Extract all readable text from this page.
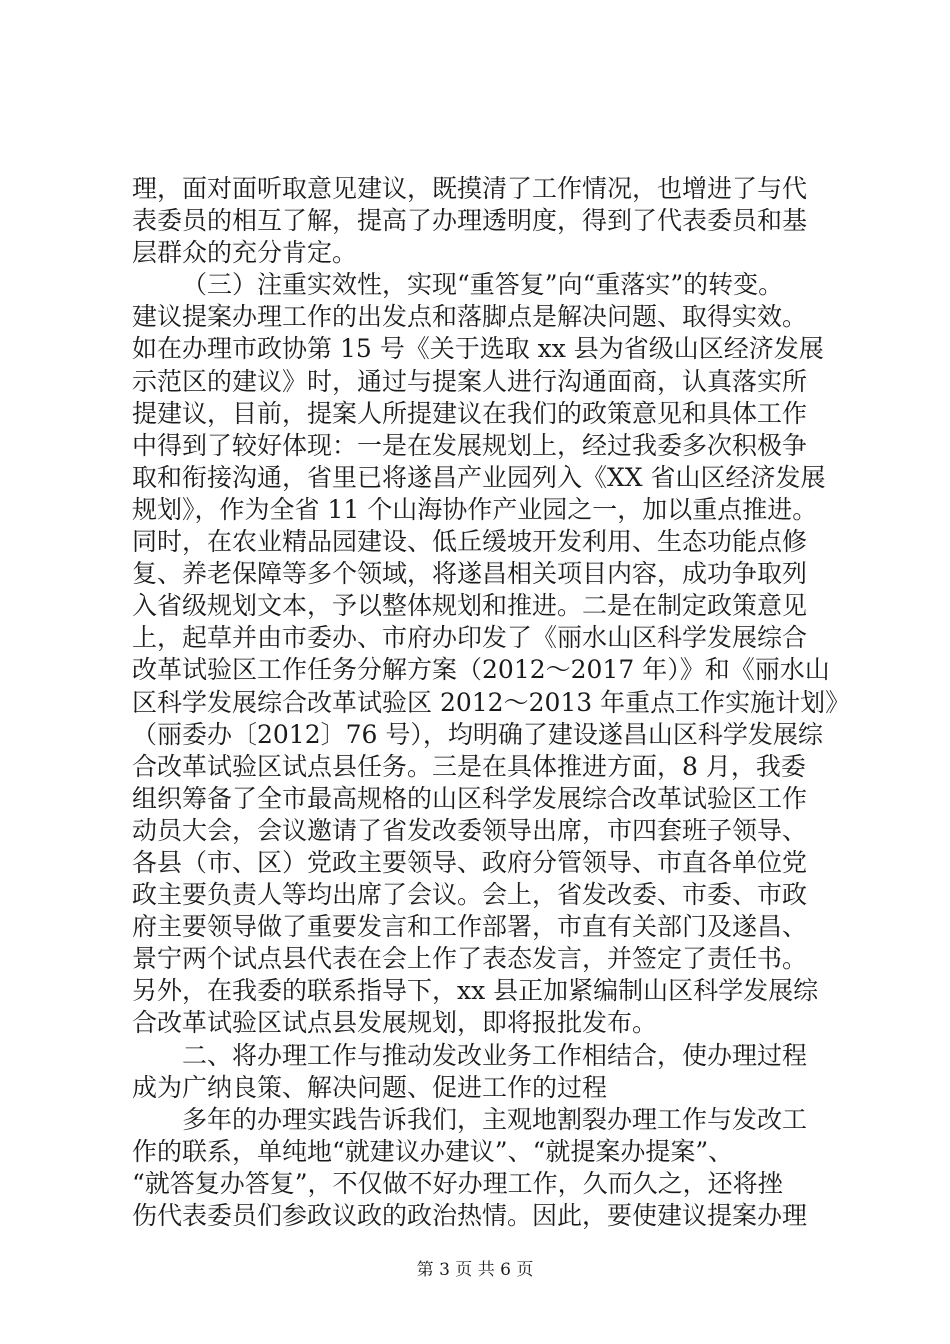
理，面对面听取意见建议，既摸清了工作情况，也增进了与代
表委员的相互了解，提高了办理透明度，得到了代表委员和基
层群众的充分肯定。
（三）注重实效性，实现“重答复”向“重落实”的转变。
建议提案办理工作的出发点和落脚点是解决问题、取得实效。
如在办理市政协第 15 号《关于选取 xx 县为省级山区经济发展
示范区的建议》时，通过与提案人进行沟通面商，认真落实所
提建议，目前，提案人所提建议在我们的政策意见和具体工作
中得到了较好体现：一是在发展规划上，经过我委多次积极争
取和衔接沟通，省里已将遂昌产业园列入《XX 省山区经济发展
规划》，作为全省 11 个山海协作产业园之一，加以重点推进。
同时，在农业精品园建设、低丘缓坡开发利用、生态功能点修
复、养老保障等多个领域，将遂昌相关项目内容，成功争取列
入省级规划文本，予以整体规划和推进。二是在制定政策意见
上，起草并由市委办、市府办印发了《丽水山区科学发展综合
改革试验区工作任务分解方案（2012～2017 年）》和《丽水山
区科学发展综合改革试验区 2012～2013 年重点工作实施计划》
（丽委办〔2012〕76 号），均明确了建设遂昌山区科学发展综
合改革试验区试点县任务。三是在具体推进方面，8 月，我委
组织筹备了全市最高规格的山区科学发展综合改革试验区工作
动员大会，会议邀请了省发改委领导出席，市四套班子领导、
各县（市、区）党政主要领导、政府分管领导、市直各单位党
政主要负责人等均出席了会议。会上，省发改委、市委、市政
府主要领导做了重要发言和工作部署，市直有关部门及遂昌、
景宁两个试点县代表在会上作了表态发言，并签定了责任书。
另外，在我委的联系指导下，xx 县正加紧编制山区科学发展综
合改革试验区试点县发展规划，即将报批发布。
二、将办理工作与推动发改业务工作相结合，使办理过程
成为广纳良策、解决问题、促进工作的过程
多年的办理实践告诉我们，主观地割裂办理工作与发改工
作的联系，单纯地“就建议办建议”、“就提案办提案”、
“就答复办答复”，不仅做不好办理工作，久而久之，还将挫
伤代表委员们参政议政的政治热情。因此，要使建议提案办理
第 3 页 共 6 页
